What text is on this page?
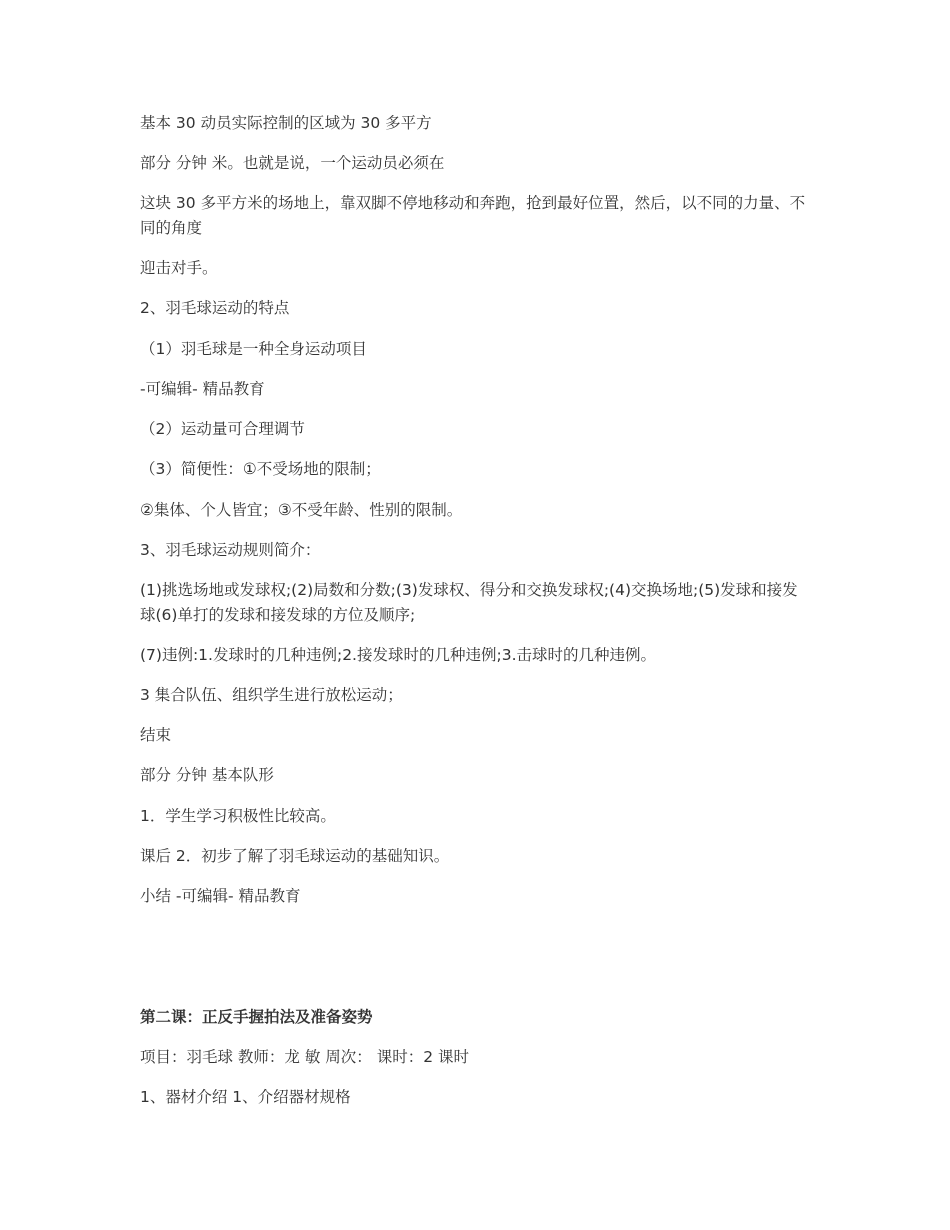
基本 30 动员实际控制的区域为 30 多平方

部分 分钟 米。也就是说，一个运动员必须在

这块 30 多平方米的场地上，靠双脚不停地移动和奔跑，抢到最好位置，然后，以不同的力量、不同的角度

迎击对手。

2、羽毛球运动的特点

（1）羽毛球是一种全身运动项目

-可编辑- 精品教育

（2）运动量可合理调节

（3）简便性：①不受场地的限制；

②集体、个人皆宜；③不受年龄、性别的限制。

3、羽毛球运动规则简介：

(1)挑选场地或发球权;(2)局数和分数;(3)发球权、得分和交换发球权;(4)交换场地;(5)发球和接发球(6)单打的发球和接发球的方位及顺序;

(7)违例:1.发球时的几种违例;2.接发球时的几种违例;3.击球时的几种违例。

3 集合队伍、组织学生进行放松运动；

结束

部分 分钟 基本队形

1．学生学习积极性比较高。

课后 2．初步了解了羽毛球运动的基础知识。

小结 -可编辑- 精品教育

第二课：正反手握拍法及准备姿势

项目：羽毛球 教师：龙 敏 周次： 课时：2 课时

1、器材介绍 1、介绍器材规格
